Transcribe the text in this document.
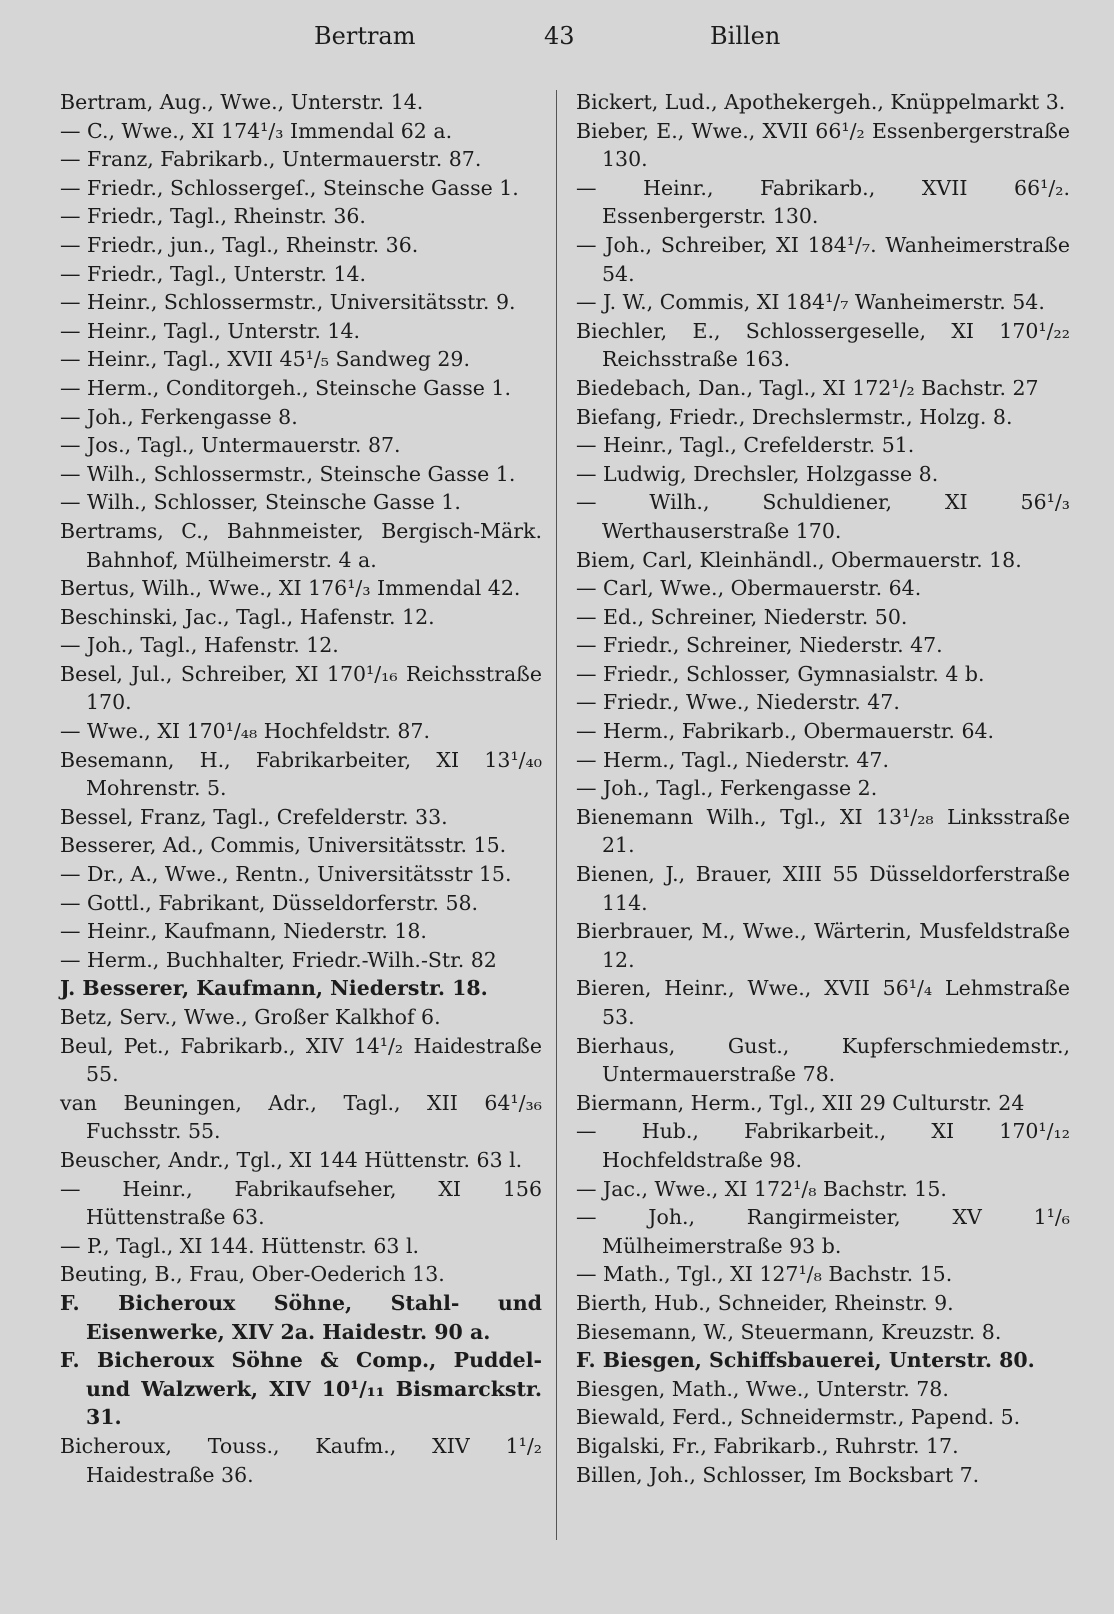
Bertram	43	Billen
Bertram, Aug., Wwe., Unterstr. 14.
— C., Wwe., XI 174¹/₃ Immendal 62 a.
— Franz, Fabrikarb., Untermauerstr. 87.
— Friedr., Schlossergeſ., Steinsche Gasse 1.
— Friedr., Tagl., Rheinstr. 36.
— Friedr., jun., Tagl., Rheinstr. 36.
— Friedr., Tagl., Unterstr. 14.
— Heinr., Schlossermstr., Universitätsstr. 9.
— Heinr., Tagl., Unterstr. 14.
— Heinr., Tagl., XVII 45¹/₅ Sandweg 29.
— Herm., Conditorgeh., Steinsche Gasse 1.
— Joh., Ferkengasse 8.
— Jos., Tagl., Untermauerstr. 87.
— Wilh., Schlossermstr., Steinsche Gasse 1.
— Wilh., Schlosser, Steinsche Gasse 1.
Bertrams, C., Bahnmeister, Bergisch-Märk. Bahnhof, Mülheimerstr. 4 a.
Bertus, Wilh., Wwe., XI 176¹/₃ Immendal 42.
Beschinski, Jac., Tagl., Hafenstr. 12.
— Joh., Tagl., Hafenstr. 12.
Besel, Jul., Schreiber, XI 170¹/₁₆ Reichsstraße 170.
— Wwe., XI 170¹/₄₈ Hochfeldstr. 87.
Besemann, H., Fabrikarbeiter, XI 13¹/₄₀ Mohrenstr. 5.
Bessel, Franz, Tagl., Crefelderstr. 33.
Besserer, Ad., Commis, Universitätsstr. 15.
— Dr., A., Wwe., Rentn., Universitätsstr 15.
— Gottl., Fabrikant, Düsseldorferstr. 58.
— Heinr., Kaufmann, Niederstr. 18.
— Herm., Buchhalter, Friedr.-Wilh.-Str. 82
J. Besserer, Kaufmann, Niederstr. 18.
Betz, Serv., Wwe., Großer Kalkhof 6.
Beul, Pet., Fabrikarb., XIV 14¹/₂ Haidestraße 55.
van Beuningen, Adr., Tagl., XII 64¹/₃₆ Fuchsstr. 55.
Beuscher, Andr., Tgl., XI 144 Hüttenstr. 63 l.
— Heinr., Fabrikaufseher, XI 156 Hüttenstraße 63.
— P., Tagl., XI 144. Hüttenstr. 63 l.
Beuting, B., Frau, Ober-Oederich 13.
F. Bicheroux Söhne, Stahl- und Eisenwerke, XIV 2a. Haidestr. 90 a.
F. Bicheroux Söhne & Comp., Puddel- und Walzwerk, XIV 10¹/₁₁ Bismarckstr. 31.
Bicheroux, Touss., Kaufm., XIV 1¹/₂ Haidestraße 36.
Bickert, Lud., Apothekergeh., Knüppelmarkt 3.
Bieber, E., Wwe., XVII 66¹/₂ Essenbergerstraße 130.
— Heinr., Fabrikarb., XVII 66¹/₂. Essenbergerstr. 130.
— Joh., Schreiber, XI 184¹/₇. Wanheimerstraße 54.
— J. W., Commis, XI 184¹/₇ Wanheimerstr. 54.
Biechler, E., Schlossergeselle, XI 170¹/₂₂ Reichsstraße 163.
Biedebach, Dan., Tagl., XI 172¹/₂ Bachstr. 27
Biefang, Friedr., Drechslermstr., Holzg. 8.
— Heinr., Tagl., Crefelderstr. 51.
— Ludwig, Drechsler, Holzgasse 8.
— Wilh., Schuldiener, XI 56¹/₃ Werthauserstraße 170.
Biem, Carl, Kleinhändl., Obermauerstr. 18.
— Carl, Wwe., Obermauerstr. 64.
— Ed., Schreiner, Niederstr. 50.
— Friedr., Schreiner, Niederstr. 47.
— Friedr., Schlosser, Gymnasialstr. 4 b.
— Friedr., Wwe., Niederstr. 47.
— Herm., Fabrikarb., Obermauerstr. 64.
— Herm., Tagl., Niederstr. 47.
— Joh., Tagl., Ferkengasse 2.
Bienemann Wilh., Tgl., XI 13¹/₂₈ Linksstraße 21.
Bienen, J., Brauer, XIII 55 Düsseldorferstraße 114.
Bierbrauer, M., Wwe., Wärterin, Musfeldstraße 12.
Bieren, Heinr., Wwe., XVII 56¹/₄ Lehmstraße 53.
Bierhaus, Gust., Kupferschmiedemstr., Untermauerstraße 78.
Biermann, Herm., Tgl., XII 29 Culturstr. 24
— Hub., Fabrikarbeit., XI 170¹/₁₂ Hochfeldstraße 98.
— Jac., Wwe., XI 172¹/₈ Bachstr. 15.
— Joh., Rangirmeister, XV 1¹/₆ Mülheimerstraße 93 b.
— Math., Tgl., XI 127¹/₈ Bachstr. 15.
Bierth, Hub., Schneider, Rheinstr. 9.
Biesemann, W., Steuermann, Kreuzstr. 8.
F. Biesgen, Schiffsbauerei, Unterstr. 80.
Biesgen, Math., Wwe., Unterstr. 78.
Biewald, Ferd., Schneidermstr., Papend. 5.
Bigalski, Fr., Fabrikarb., Ruhrstr. 17.
Billen, Joh., Schlosser, Im Bocksbart 7.
